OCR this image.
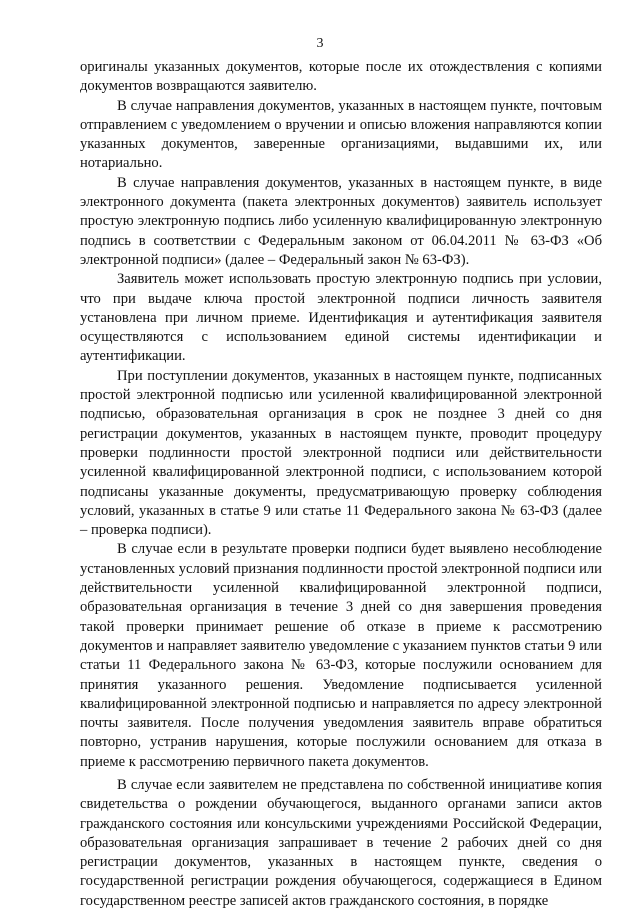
3

оригиналы указанных документов, которые после их отождествления с копиями документов возвращаются заявителю.

В случае направления документов, указанных в настоящем пункте, почтовым отправлением с уведомлением о вручении и описью вложения направляются копии указанных документов, заверенные организациями, выдавшими их, или нотариально.

В случае направления документов, указанных в настоящем пункте, в виде электронного документа (пакета электронных документов) заявитель использует простую электронную подпись либо усиленную квалифицированную электронную подпись в соответствии с Федеральным законом от 06.04.2011 № 63-ФЗ «Об электронной подписи» (далее – Федеральный закон № 63-ФЗ).

Заявитель может использовать простую электронную подпись при условии, что при выдаче ключа простой электронной подписи личность заявителя установлена при личном приеме. Идентификация и аутентификация заявителя осуществляются с использованием единой системы идентификации и аутентификации.

При поступлении документов, указанных в настоящем пункте, подписанных простой электронной подписью или усиленной квалифицированной электронной подписью, образовательная организация в срок не позднее 3 дней со дня регистрации документов, указанных в настоящем пункте, проводит процедуру проверки подлинности простой электронной подписи или действительности усиленной квалифицированной электронной подписи, с использованием которой подписаны указанные документы, предусматривающую проверку соблюдения условий, указанных в статье 9 или статье 11 Федерального закона № 63-ФЗ (далее – проверка подписи).

В случае если в результате проверки подписи будет выявлено несоблюдение установленных условий признания подлинности простой электронной подписи или действительности усиленной квалифицированной электронной подписи, образовательная организация в течение 3 дней со дня завершения проведения такой проверки принимает решение об отказе в приеме к рассмотрению документов и направляет заявителю уведомление с указанием пунктов статьи 9 или статьи 11 Федерального закона № 63-ФЗ, которые послужили основанием для принятия указанного решения. Уведомление подписывается усиленной квалифицированной электронной подписью и направляется по адресу электронной почты заявителя. После получения уведомления заявитель вправе обратиться повторно, устранив нарушения, которые послужили основанием для отказа в приеме к рассмотрению первичного пакета документов.

В случае если заявителем не представлена по собственной инициативе копия свидетельства о рождении обучающегося, выданного органами записи актов гражданского состояния или консульскими учреждениями Российской Федерации, образовательная организация запрашивает в течение 2 рабочих дней со дня регистрации документов, указанных в настоящем пункте, сведения о государственной регистрации рождения обучающегося, содержащиеся в Едином государственном реестре записей актов гражданского состояния, в порядке
